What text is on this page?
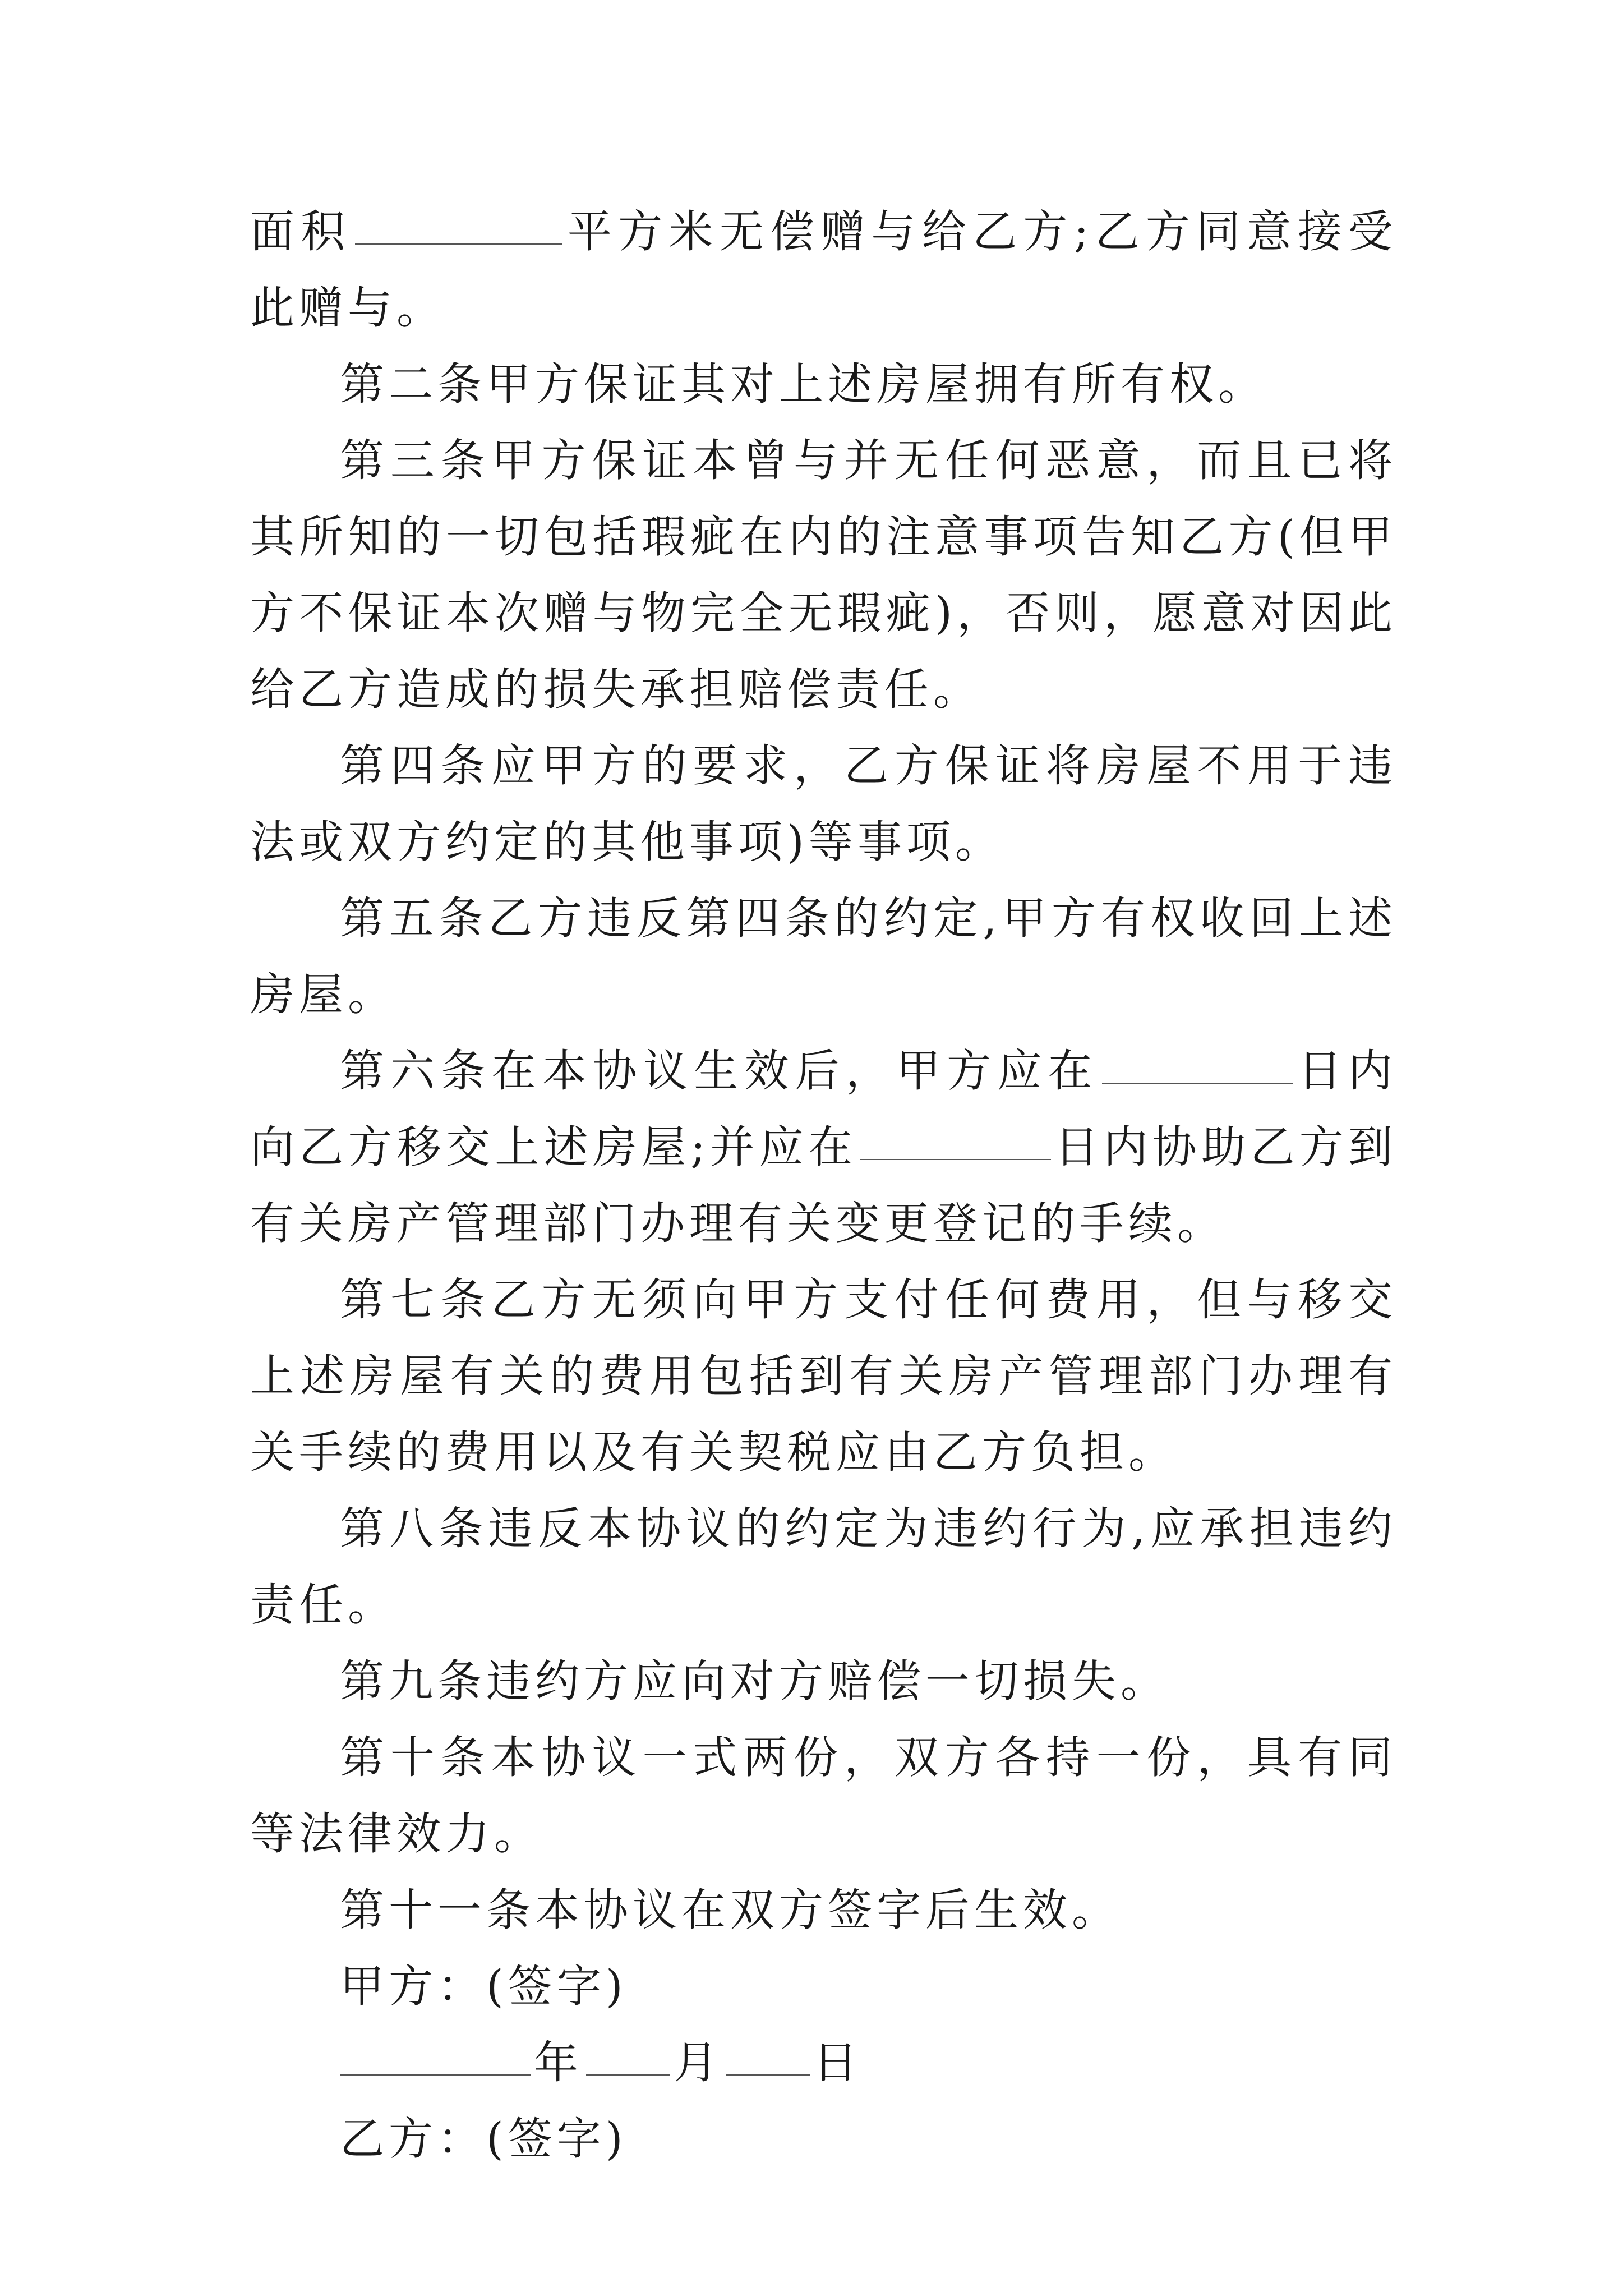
面积	平方米无偿赠与给乙方;乙方同意接受此赠与。

第二条甲方保证其对上述房屋拥有所有权。

第三条甲方保证本曾与并无任何恶意，而且已将其所知的一切包括瑕疵在内的注意事项告知乙方(但甲方不保证本次赠与物完全无瑕疵)，否则，愿意对因此给乙方造成的损失承担赔偿责任。

第四条应甲方的要求，乙方保证将房屋不用于违法或双方约定的其他事项)等事项。

第五条乙方违反第四条的约定,甲方有权收回上述房屋。

第六条在本协议生效后，甲方应在	日内向乙方移交上述房屋;并应在	日内协助乙方到有关房产管理部门办理有关变更登记的手续。

第七条乙方无须向甲方支付任何费用，但与移交上述房屋有关的费用包括到有关房产管理部门办理有关手续的费用以及有关契税应由乙方负担。

第八条违反本协议的约定为违约行为,应承担违约责任。

第九条违约方应向对方赔偿一切损失。

第十条本协议一式两份，双方各持一份，具有同等法律效力。

第十一条本协议在双方签字后生效。

甲方：(签字)

年 月 日

乙方：(签字)
